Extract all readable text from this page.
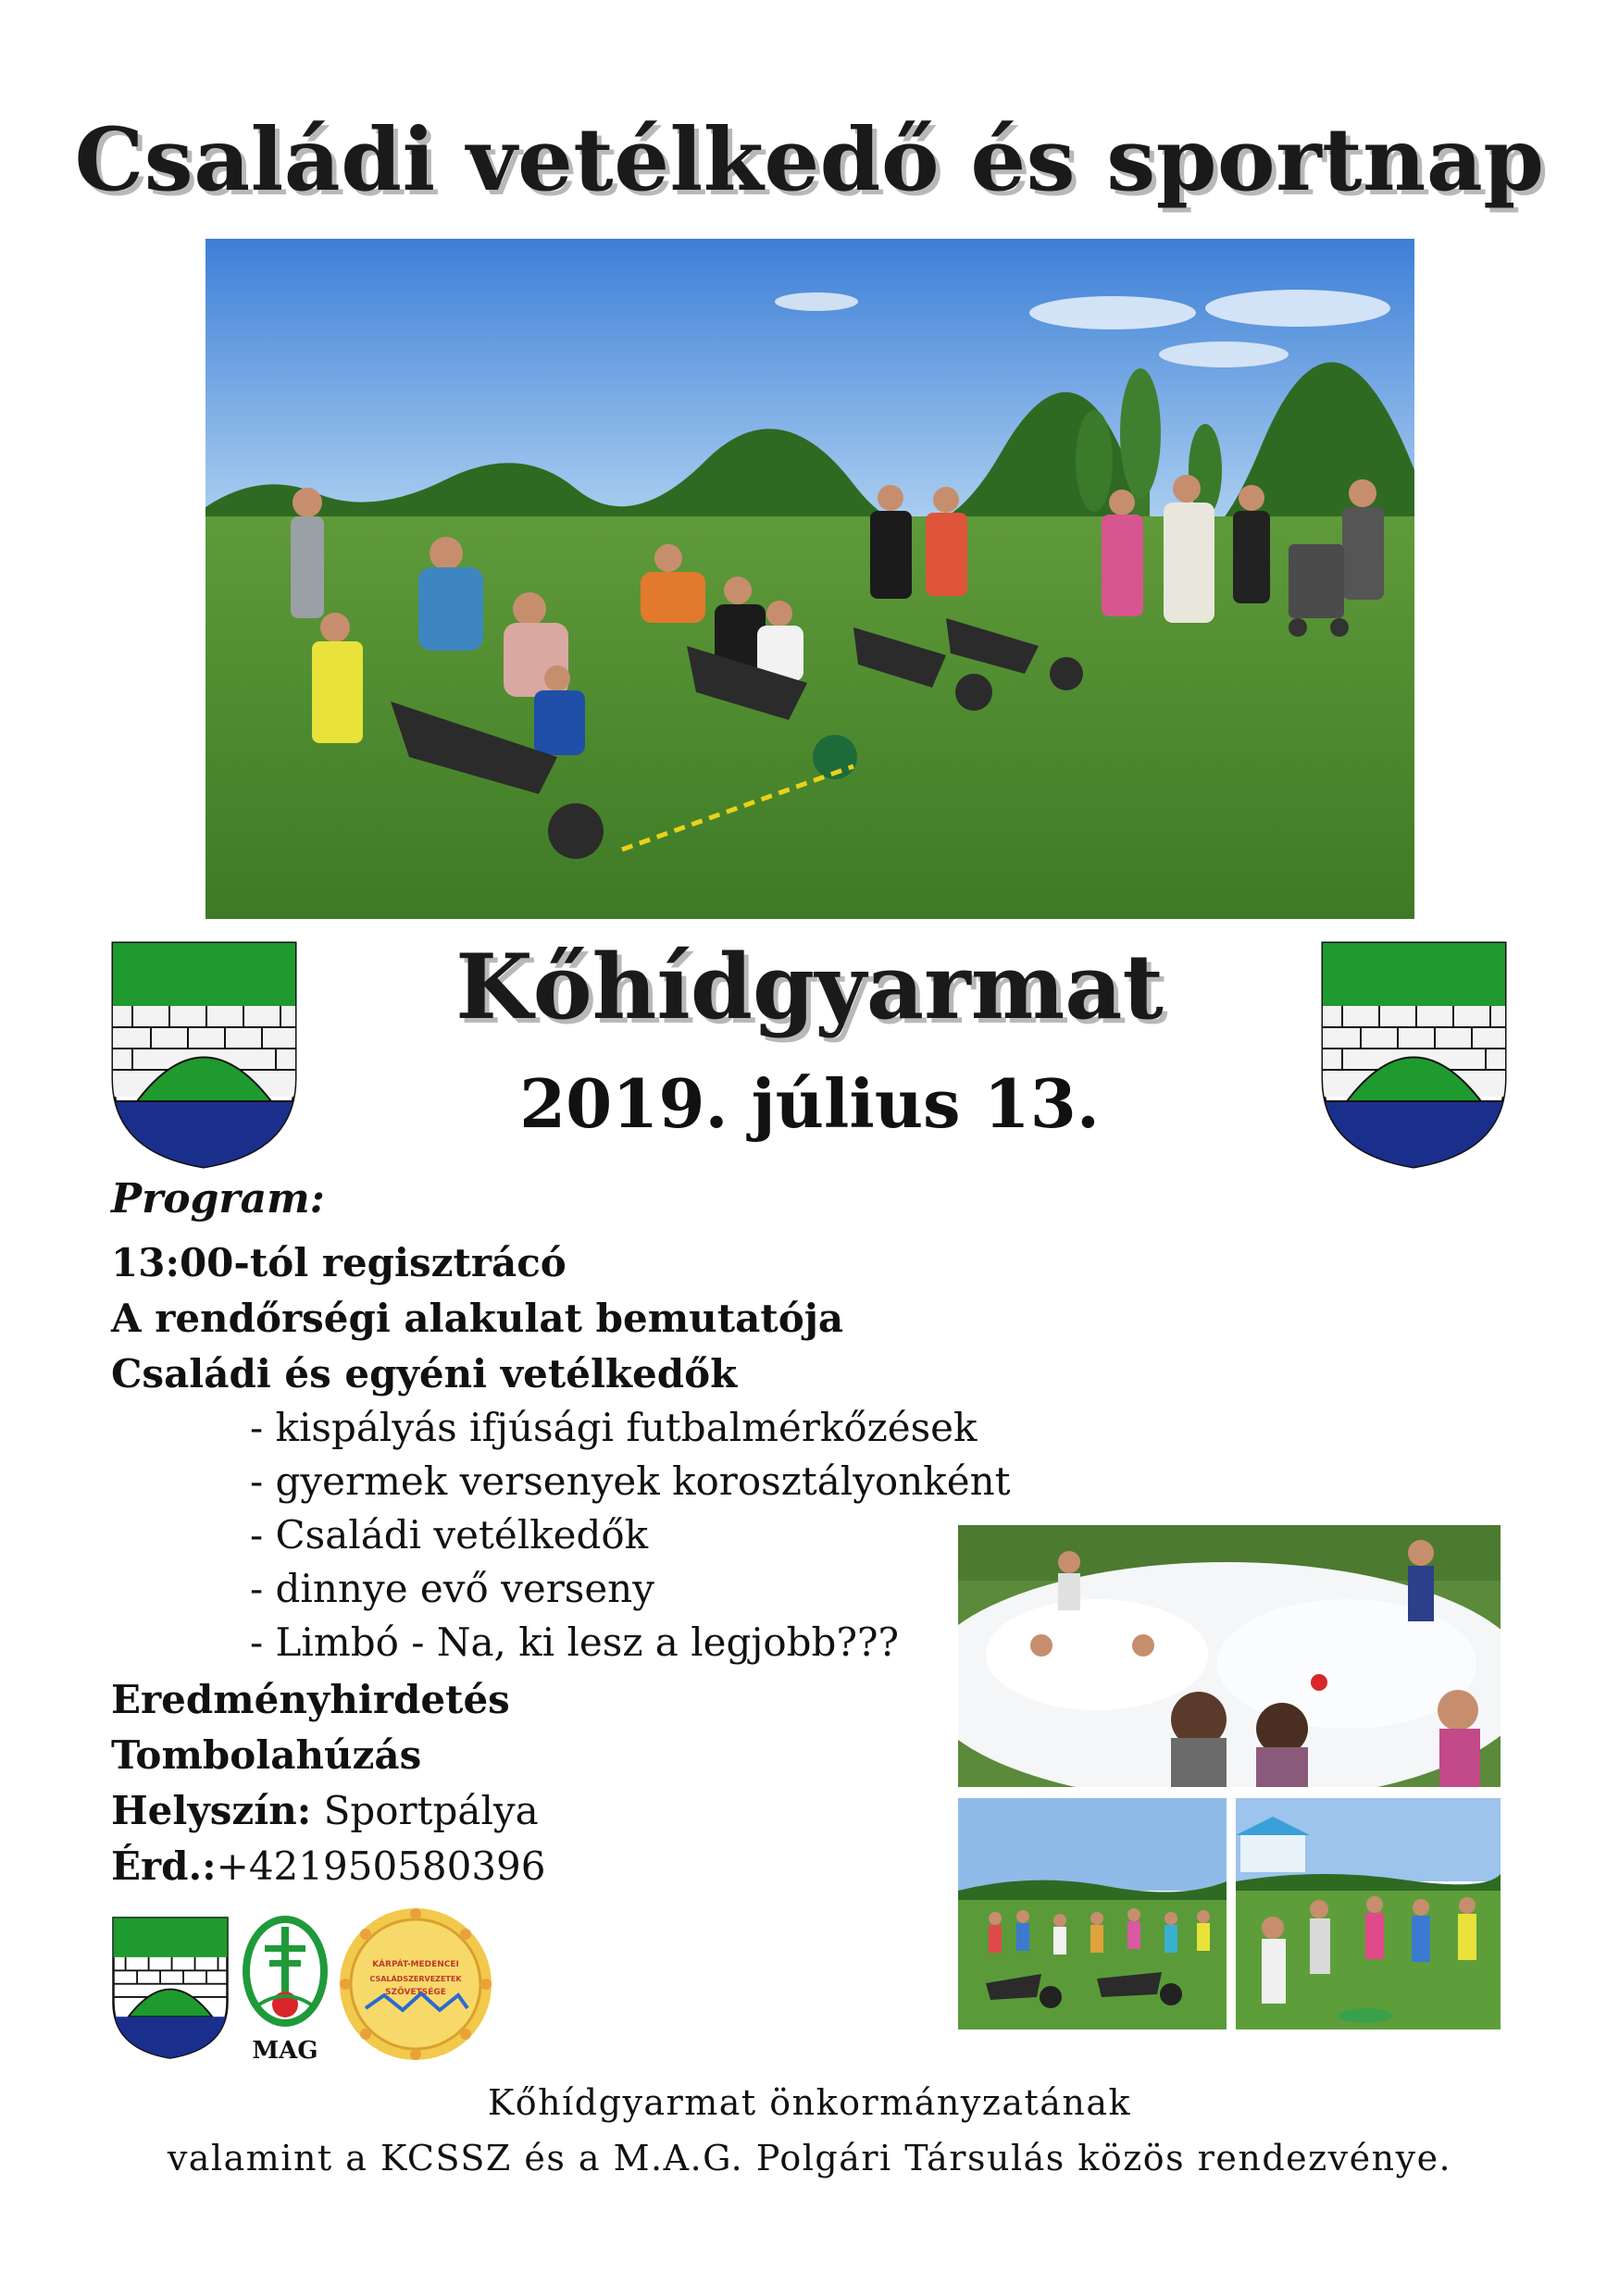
Családi vetélkedő és sportnap
Kőhídgyarmat
2019. július 13.
Program:
13:00-tól regisztrácó
A rendőrségi alakulat bemutatója
Családi és egyéni vetélkedők
- kispályás ifjúsági futbalmérkőzések
- gyermek versenyek korosztályonként
- Családi vetélkedők
- dinnye evő verseny
- Limbó - Na, ki lesz a legjobb???
Eredményhirdetés
Tombolahúzás
Helyszín: Sportpálya
Érd.:+421950580396
MAG
KÁRPÁT-MEDENCEI
CSALÁDSZERVEZETEK
SZÖVETSÉGE
Kőhídgyarmat önkormányzatának
valamint a KCSSZ és a M.A.G. Polgári Társulás közös rendezvénye.
